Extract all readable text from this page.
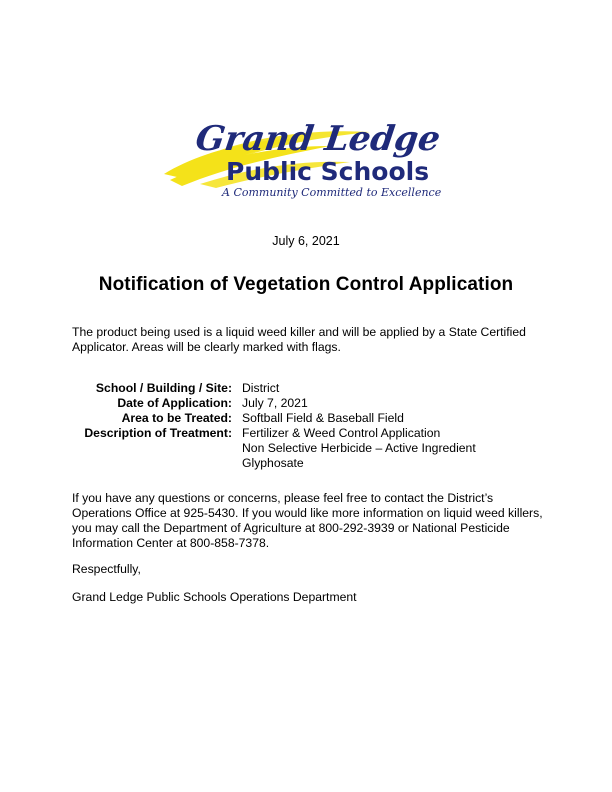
Grand Ledge
Public Schools
A Community Committed to Excellence
July 6, 2021
Notification of Vegetation Control Application
The product being used is a liquid weed killer and will be applied by a State Certified Applicator. Areas will be clearly marked with flags.
School / Building / Site: District
Date of Application: July 7, 2021
Area to be Treated: Softball Field & Baseball Field
Description of Treatment: Fertilizer & Weed Control Application
Non Selective Herbicide – Active Ingredient
Glyphosate
If you have any questions or concerns, please feel free to contact the District’s Operations Office at 925-5430. If you would like more information on liquid weed killers, you may call the Department of Agriculture at 800-292-3939 or National Pesticide Information Center at 800-858-7378.
Respectfully,
Grand Ledge Public Schools Operations Department
